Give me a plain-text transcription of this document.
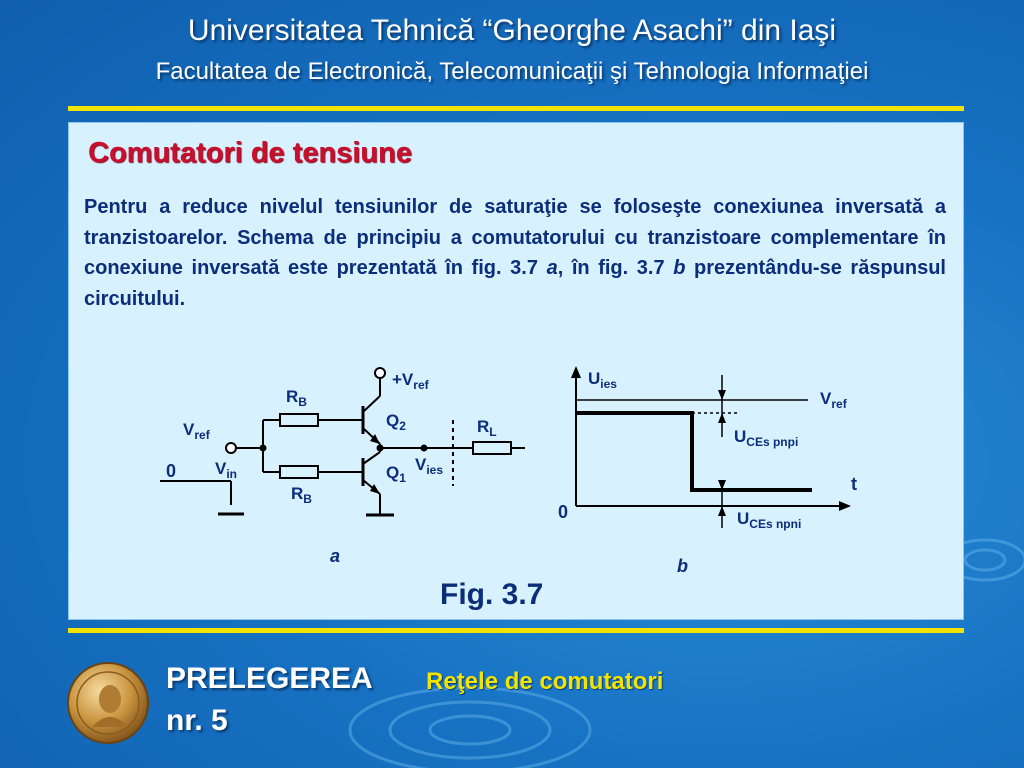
Universitatea Tehnică “Gheorghe Asachi” din Iaşi
Facultatea de Electronică, Telecomunicaţii şi Tehnologia Informaţiei
Comutatori de tensiune
Pentru a reduce nivelul tensiunilor de saturaţie se foloseşte conexiunea inversată a tranzistoarelor. Schema de principiu a comutatorului cu tranzistoare complementare în conexiune inversată este prezentată în fig. 3.7 a, în fig. 3.7 b prezentându-se răspunsul circuitului.
$+V_{ref}$
$R_B$
$Q_2$	$R_L$
$V_{ref}$
0 $V_{in}$	$Q_1$
$V_{ies}$
$R_B$
$U_{ies}$
$V_{ref}$
$U_{CEs pnpi}$
t
0	$U_{CEs npni}$
a	b
Fig. 3.7
PRELEGEREA
nr. 5
Reţele de comutatori
